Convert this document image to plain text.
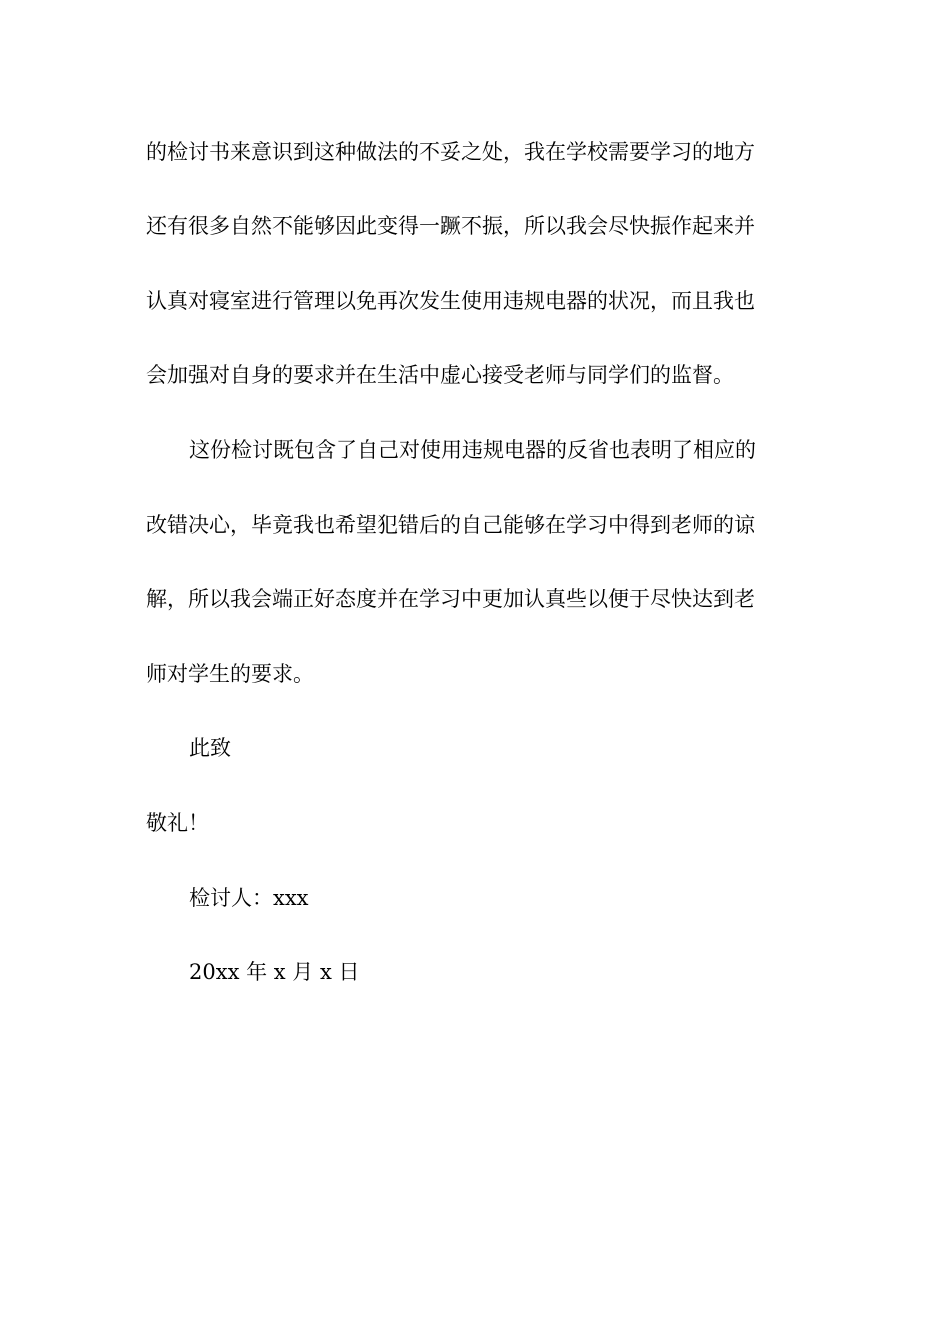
的检讨书来意识到这种做法的不妥之处，我在学校需要学习的地方
还有很多自然不能够因此变得一蹶不振，所以我会尽快振作起来并
认真对寝室进行管理以免再次发生使用违规电器的状况，而且我也
会加强对自身的要求并在生活中虚心接受老师与同学们的监督。
这份检讨既包含了自己对使用违规电器的反省也表明了相应的
改错决心，毕竟我也希望犯错后的自己能够在学习中得到老师的谅
解，所以我会端正好态度并在学习中更加认真些以便于尽快达到老
师对学生的要求。
此致
敬礼！
检讨人：xxx
20xx 年 x 月 x 日
